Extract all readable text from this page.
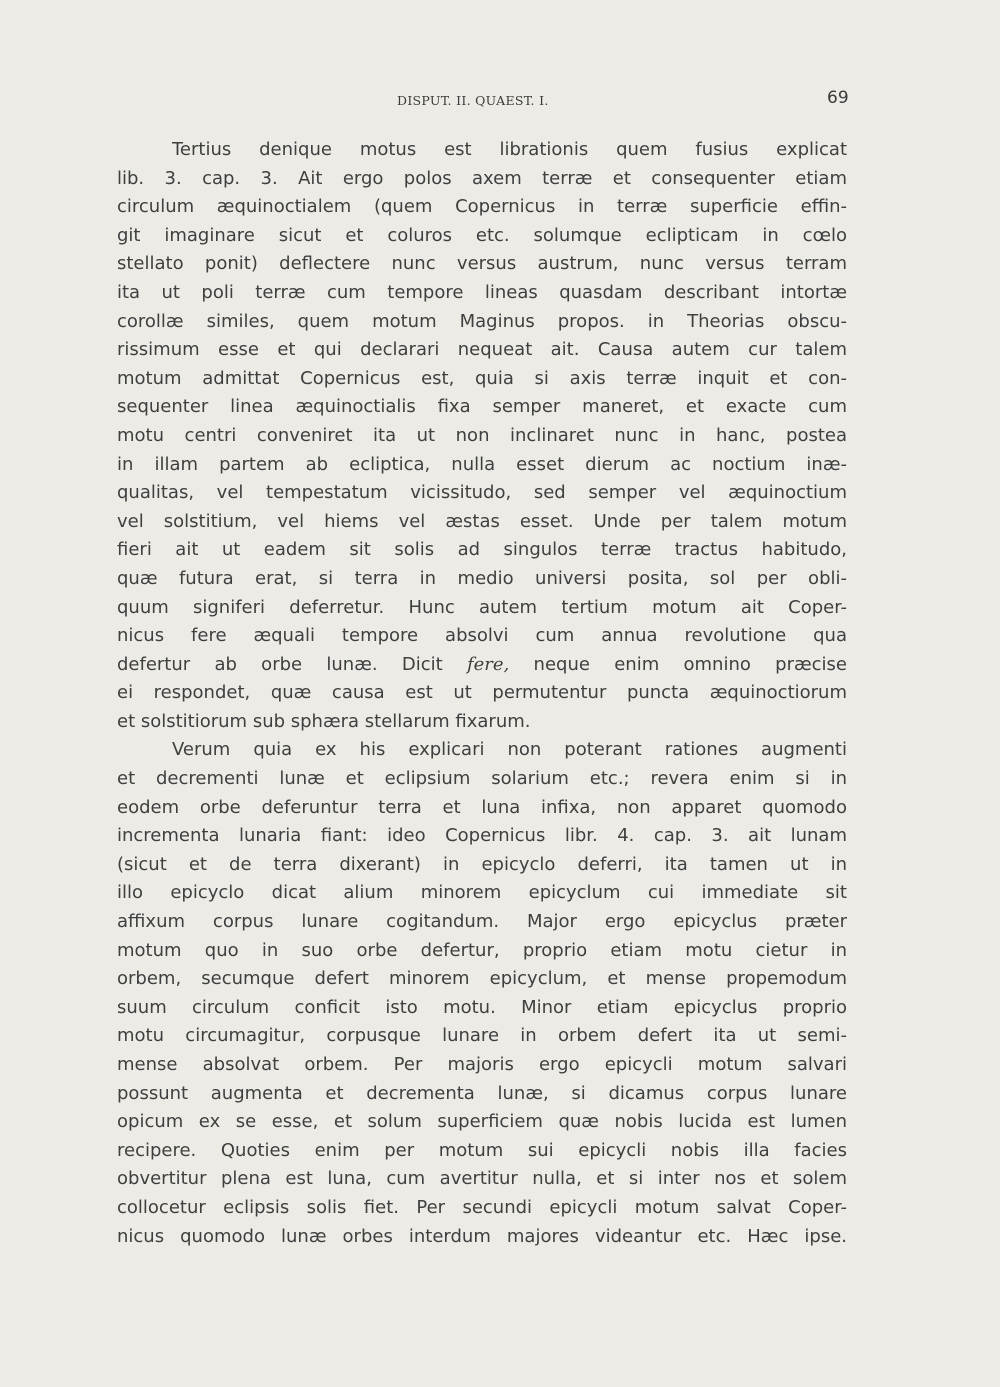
DISPUT. II. QUAEST. I.	69
Tertius denique motus est librationis quem fusius explicat
lib. 3. cap. 3. Ait ergo polos axem terræ et consequenter etiam
circulum æquinoctialem (quem Copernicus in terræ superficie effin-
git imaginare sicut et coluros etc. solumque eclipticam in cœlo
stellato ponit) deflectere nunc versus austrum, nunc versus terram
ita ut poli terræ cum tempore lineas quasdam describant intortæ
corollæ similes, quem motum Maginus propos. in Theorias obscu-
rissimum esse et qui declarari nequeat ait. Causa autem cur talem
motum admittat Copernicus est, quia si axis terræ inquit et con-
sequenter linea æquinoctialis fixa semper maneret, et exacte cum
motu centri conveniret ita ut non inclinaret nunc in hanc, postea
in illam partem ab ecliptica, nulla esset dierum ac noctium inæ-
qualitas, vel tempestatum vicissitudo, sed semper vel æquinoctium
vel solstitium, vel hiems vel æstas esset. Unde per talem motum
fieri ait ut eadem sit solis ad singulos terræ tractus habitudo,
quæ futura erat, si terra in medio universi posita, sol per obli-
quum signiferi deferretur. Hunc autem tertium motum ait Coper-
nicus fere æquali tempore absolvi cum annua revolutione qua
defertur ab orbe lunæ. Dicit fere, neque enim omnino præcise
ei respondet, quæ causa est ut permutentur puncta æquinoctiorum
et solstitiorum sub sphæra stellarum fixarum.
Verum quia ex his explicari non poterant rationes augmenti
et decrementi lunæ et eclipsium solarium etc.; revera enim si in
eodem orbe deferuntur terra et luna infixa, non apparet quomodo
incrementa lunaria fiant: ideo Copernicus libr. 4. cap. 3. ait lunam
(sicut et de terra dixerant) in epicyclo deferri, ita tamen ut in
illo epicyclo dicat alium minorem epicyclum cui immediate sit
affixum corpus lunare cogitandum. Major ergo epicyclus præter
motum quo in suo orbe defertur, proprio etiam motu cietur in
orbem, secumque defert minorem epicyclum, et mense propemodum
suum circulum conficit isto motu. Minor etiam epicyclus proprio
motu circumagitur, corpusque lunare in orbem defert ita ut semi-
mense absolvat orbem. Per majoris ergo epicycli motum salvari
possunt augmenta et decrementa lunæ, si dicamus corpus lunare
opicum ex se esse, et solum superficiem quæ nobis lucida est lumen
recipere. Quoties enim per motum sui epicycli nobis illa facies
obvertitur plena est luna, cum avertitur nulla, et si inter nos et solem
collocetur eclipsis solis fiet. Per secundi epicycli motum salvat Coper-
nicus quomodo lunæ orbes interdum majores videantur etc. Hæc ipse.
